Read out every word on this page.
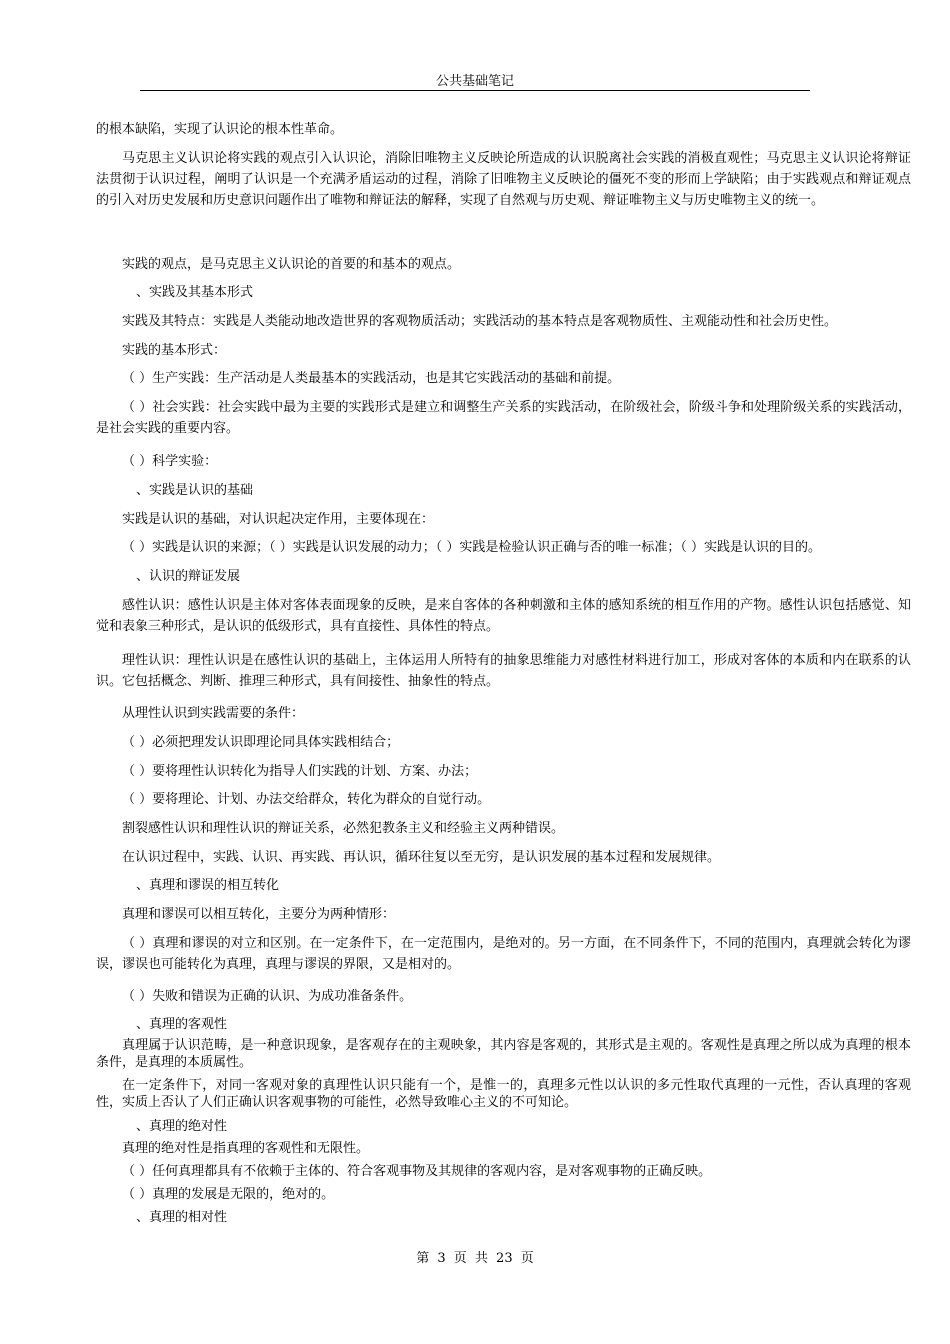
公共基础笔记

的根本缺陷，实现了认识论的根本性革命。

马克思主义认识论将实践的观点引入认识论，消除旧唯物主义反映论所造成的认识脱离社会实践的消极直观性；马克思主义认识论将辩证法贯彻于认识过程，阐明了认识是一个充满矛盾运动的过程，消除了旧唯物主义反映论的僵死不变的形而上学缺陷；由于实践观点和辩证观点的引入对历史发展和历史意识问题作出了唯物和辩证法的解释，实现了自然观与历史观、辩证唯物主义与历史唯物主义的统一。

实践的观点，是马克思主义认识论的首要的和基本的观点。

、实践及其基本形式

实践及其特点：实践是人类能动地改造世界的客观物质活动；实践活动的基本特点是客观物质性、主观能动性和社会历史性。

实践的基本形式：

（ ）生产实践：生产活动是人类最基本的实践活动，也是其它实践活动的基础和前提。

（ ）社会实践：社会实践中最为主要的实践形式是建立和调整生产关系的实践活动，在阶级社会，阶级斗争和处理阶级关系的实践活动，是社会实践的重要内容。

（ ）科学实验：

、实践是认识的基础

实践是认识的基础，对认识起决定作用，主要体现在：

（ ）实践是认识的来源；（ ）实践是认识发展的动力；（ ）实践是检验认识正确与否的唯一标准；（ ）实践是认识的目的。

、认识的辩证发展

感性认识：感性认识是主体对客体表面现象的反映，是来自客体的各种刺激和主体的感知系统的相互作用的产物。感性认识包括感觉、知觉和表象三种形式，是认识的低级形式，具有直接性、具体性的特点。

理性认识：理性认识是在感性认识的基础上，主体运用人所特有的抽象思维能力对感性材料进行加工，形成对客体的本质和内在联系的认识。它包括概念、判断、推理三种形式，具有间接性、抽象性的特点。

从理性认识到实践需要的条件：

（ ）必须把理发认识即理论同具体实践相结合；

（ ）要将理性认识转化为指导人们实践的计划、方案、办法；

（ ）要将理论、计划、办法交给群众，转化为群众的自觉行动。

割裂感性认识和理性认识的辩证关系，必然犯教条主义和经验主义两种错误。

在认识过程中，实践、认识、再实践、再认识，循环往复以至无穷，是认识发展的基本过程和发展规律。

、真理和谬误的相互转化

真理和谬误可以相互转化，主要分为两种情形：

（ ）真理和谬误的对立和区别。在一定条件下，在一定范围内，是绝对的。另一方面，在不同条件下，不同的范围内，真理就会转化为谬误，谬误也可能转化为真理，真理与谬误的界限，又是相对的。

（ ）失败和错误为正确的认识、为成功准备条件。

、真理的客观性

真理属于认识范畴，是一种意识现象，是客观存在的主观映象，其内容是客观的，其形式是主观的。客观性是真理之所以成为真理的根本条件，是真理的本质属性。

在一定条件下，对同一客观对象的真理性认识只能有一个，是惟一的，真理多元性以认识的多元性取代真理的一元性，否认真理的客观性，实质上否认了人们正确认识客观事物的可能性，必然导致唯心主义的不可知论。

、真理的绝对性

真理的绝对性是指真理的客观性和无限性。

（ ）任何真理都具有不依赖于主体的、符合客观事物及其规律的客观内容，是对客观事物的正确反映。

（ ）真理的发展是无限的，绝对的。

、真理的相对性

第 3 页 共 23 页
